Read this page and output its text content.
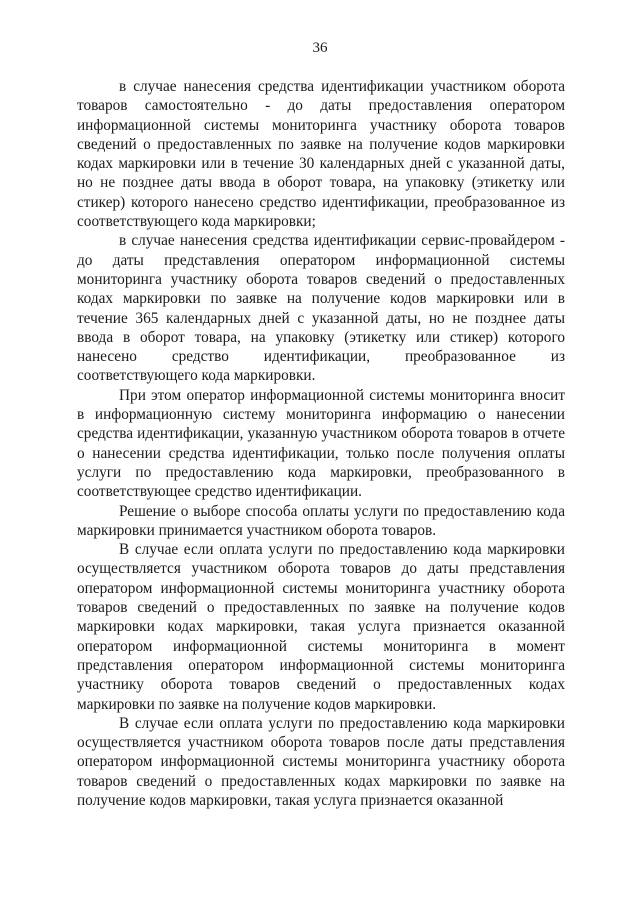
36

в случае нанесения средства идентификации участником оборота товаров самостоятельно - до даты предоставления оператором информационной системы мониторинга участнику оборота товаров сведений о предоставленных по заявке на получение кодов маркировки кодах маркировки или в течение 30 календарных дней с указанной даты, но не позднее даты ввода в оборот товара, на упаковку (этикетку или стикер) которого нанесено средство идентификации, преобразованное из соответствующего кода маркировки;

в случае нанесения средства идентификации сервис-провайдером - до даты представления оператором информационной системы мониторинга участнику оборота товаров сведений о предоставленных кодах маркировки по заявке на получение кодов маркировки или в течение 365 календарных дней с указанной даты, но не позднее даты ввода в оборот товара, на упаковку (этикетку или стикер) которого нанесено средство идентификации, преобразованное из соответствующего кода маркировки.

При этом оператор информационной системы мониторинга вносит в информационную систему мониторинга информацию о нанесении средства идентификации, указанную участником оборота товаров в отчете о нанесении средства идентификации, только после получения оплаты услуги по предоставлению кода маркировки, преобразованного в соответствующее средство идентификации.

Решение о выборе способа оплаты услуги по предоставлению кода маркировки принимается участником оборота товаров.

В случае если оплата услуги по предоставлению кода маркировки осуществляется участником оборота товаров до даты представления оператором информационной системы мониторинга участнику оборота товаров сведений о предоставленных по заявке на получение кодов маркировки кодах маркировки, такая услуга признается оказанной оператором информационной системы мониторинга в момент представления оператором информационной системы мониторинга участнику оборота товаров сведений о предоставленных кодах маркировки по заявке на получение кодов маркировки.

В случае если оплата услуги по предоставлению кода маркировки осуществляется участником оборота товаров после даты представления оператором информационной системы мониторинга участнику оборота товаров сведений о предоставленных кодах маркировки по заявке на получение кодов маркировки, такая услуга признается оказанной
